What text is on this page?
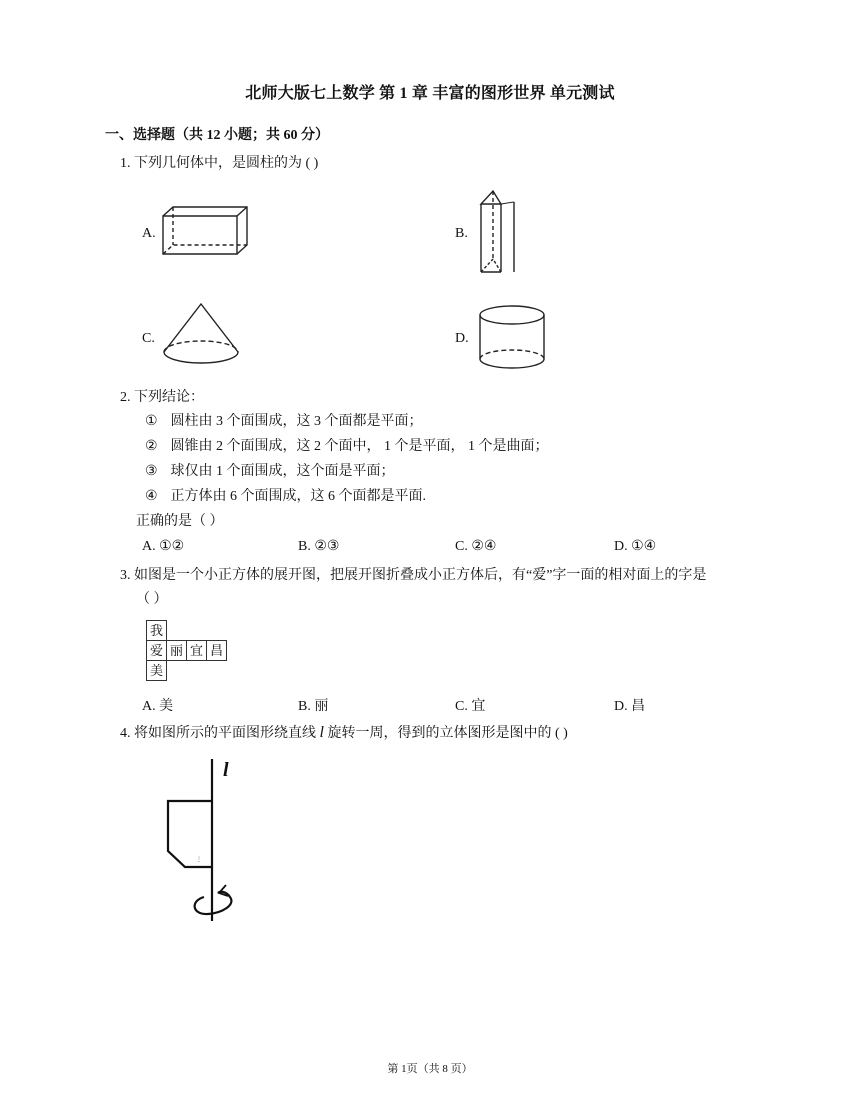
北师大版七上数学 第 1 章 丰富的图形世界 单元测试
一、选择题（共 12 小题；共 60 分）
1. 下列几何体中，是圆柱的为 ( )
A.	B.
C.	D.
2. 下列结论：
① 圆柱由 3 个面围成，这 3 个面都是平面；
② 圆锥由 2 个面围成，这 2 个面中， 1 个是平面， 1 个是曲面；
③ 球仅由 1 个面围成，这个面是平面；
④ 正方体由 6 个面围成，这 6 个面都是平面.
正确的是（ ）
A. ①②	B. ②③	C. ②④	D. ①④
3. 如图是一个小正方体的展开图，把展开图折叠成小正方体后，有“爱”字一面的相对面上的字是
（ ）
我
爱 丽 宜 昌
美
A. 美	B. 丽	C. 宜	D. 昌
4. 将如图所示的平面图形绕直线 l 旋转一周，得到的立体图形是图中的 ( )
l
⋮
第 1页（共 8 页）
